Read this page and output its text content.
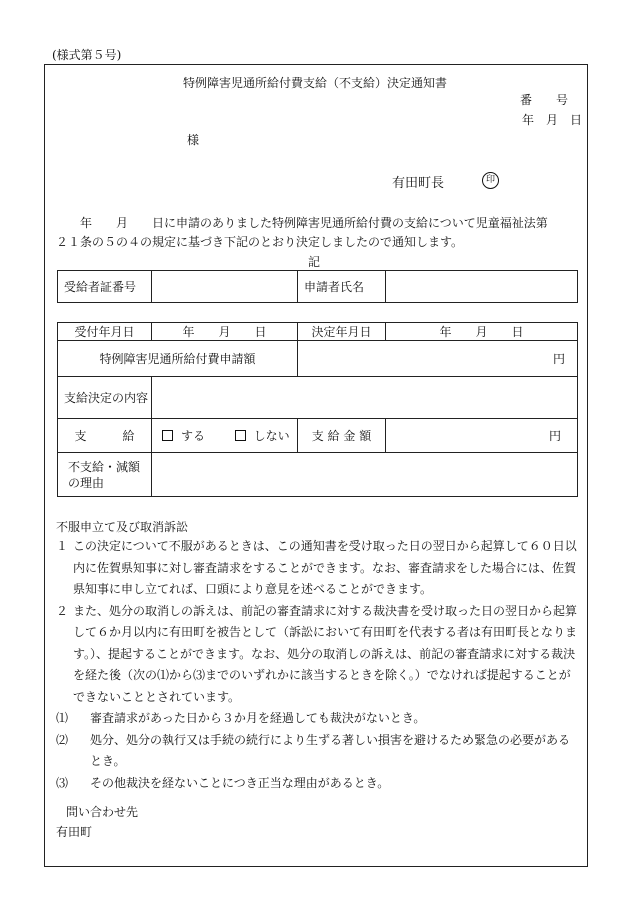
(様式第５号)
特例障害児通所給付費支給（不支給）決定通知書
番　　号
年　月　日
様
有田町長	印
　　年　　月　　日に申請のありました特例障害児通所給付費の支給について児童福祉法第
２１条の５の４の規定に基づき下記のとおり決定しましたので通知します。
記
受給者証番号		申請者氏名	
受付年月日	年　　月　　日	決定年月日	年　　月　　日
特例障害児通所給付費申請額		円	
支給決定の内容			
支　　　給	する しない	支 給 金 額	円

不支給・減額
の理由			

不服申立て及び取消訴訟
１ この決定について不服があるときは、この通知書を受け取った日の翌日から起算して６０日以内に佐賀県知事に対し審査請求をすることができます。なお、審査請求をした場合には、佐賀県知事に申し立てれば、口頭により意見を述べることができます。
２ また、処分の取消しの訴えは、前記の審査請求に対する裁決書を受け取った日の翌日から起算して６か月以内に有田町を被告として（訴訟において有田町を代表する者は有田町長となります。）、提起することができます。なお、処分の取消しの訴えは、前記の審査請求に対する裁決を経た後（次の⑴から⑶までのいずれかに該当するときを除く。）でなければ提起することができないこととされています。
⑴ 審査請求があった日から３か月を経過しても裁決がないとき。
⑵ 処分、処分の執行又は手続の続行により生ずる著しい損害を避けるため緊急の必要があるとき。
⑶ その他裁決を経ないことにつき正当な理由があるとき。
問い合わせ先
有田町
